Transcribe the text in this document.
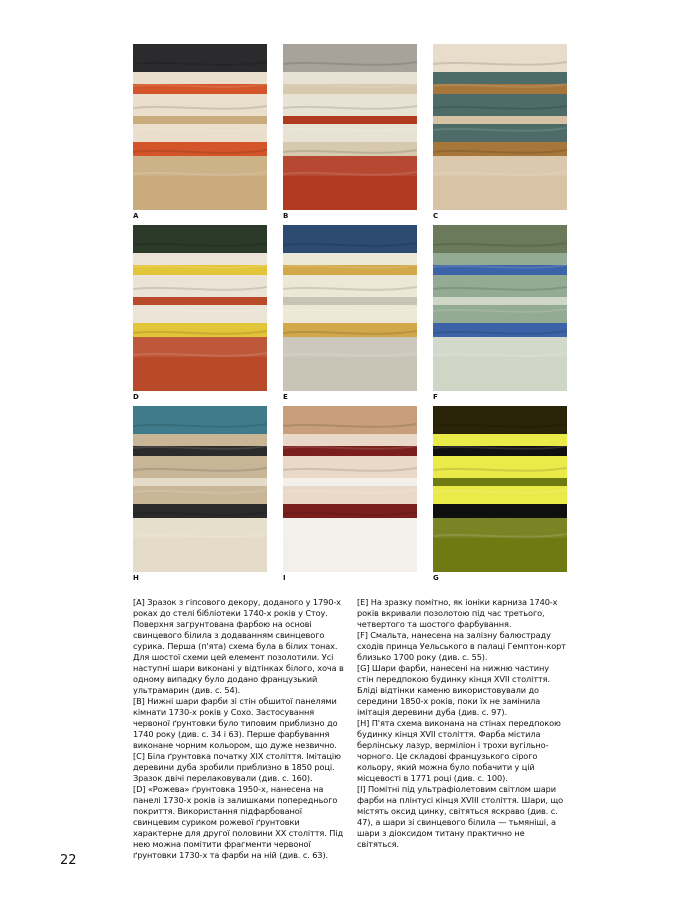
A	B	C
D	E	F
H	I	G

[A] Зразок з гіпсового декору, доданого у 1790-х роках до стелі бібліотеки 1740-х років у Стоу. Поверхня загрунтована фарбою на основі свинцевого білила з додаванням свинцевого сурика. Перша (п'ята) схема була в білих тонах. Для шостої схеми цей елемент позолотили. Усі наступні шари виконані у відтінках білого, хоча в одному випадку було додано французький ультрамарин (див. с. 54).

[B] Нижні шари фарби зі стін обшитої панелями кімнати 1730-х років у Сохо. Застосування червоної ґрунтовки було типовим приблизно до 1740 року (див. с. 34 і 63). Перше фарбування виконане чорним кольором, що дуже незвично.

[C] Біла ґрунтовка початку XIX століття. Імітацію деревини дуба зробили приблизно в 1850 році. Зразок двічі перелаковували (див. с. 160).

[D] «Рожева» ґрунтовка 1950-х, нанесена на панелі 1730-х років із залишками попереднього покриття. Використання підфарбованої свинцевим суриком рожевої ґрунтовки характерне для другої половини XX століття. Під нею можна помітити фрагменти червоної ґрунтовки 1730-х та фарби на ній (див. с. 63).

[E] На зразку помітно, як іоніки карниза 1740-х років вкривали позолотою під час третього, четвертого та шостого фарбування.

[F] Смальта, нанесена на залізну балюстраду сходів принца Уельського в палаці Гемптон-корт близько 1700 року (див. с. 55).

[G] Шари фарби, нанесені на нижню частину стін передпокою будинку кінця XVII століття. Бліді відтінки каменю використовували до середини 1850-х років, поки їх не замінила імітація деревини дуба (див. с. 97).

[H] П'ята схема виконана на стінах передпокою будинку кінця XVII століття. Фарба містила берлінську лазур, верміліон і трохи вугільно-чорного. Це складові французького сірого кольору, який можна було побачити у цій місцевості в 1771 році (див. с. 100).

[I] Помітні під ультрафіолетовим світлом шари фарби на плінтусі кінця XVIII століття. Шари, що містять оксид цинку, світяться яскраво (див. с. 47), а шари зі свинцевого білила — тьмяніші, а шари з діоксидом титану практично не світяться.

22
